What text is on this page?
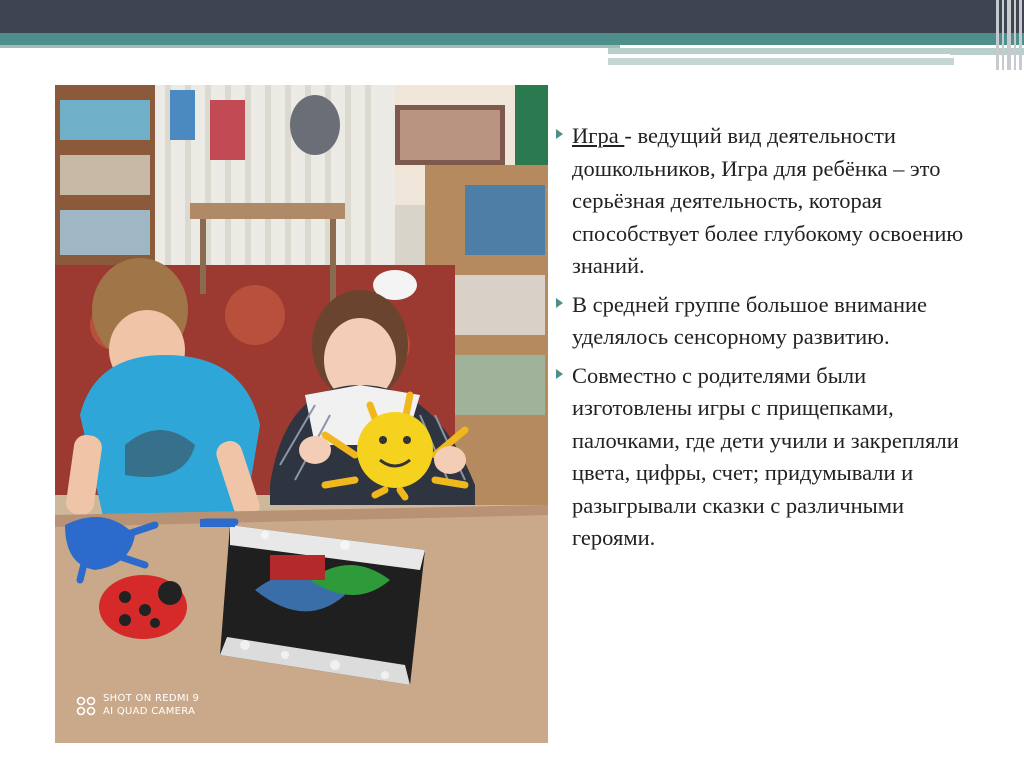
SHOT ON REDMI 9
AI QUAD CAMERA

Игра - ведущий вид деятельности дошкольников, Игра для ребёнка – это серьёзная деятельность, которая способствует более глубокому освоению знаний.

В средней группе большое внимание уделялось сенсорному развитию.

Совместно с родителями были изготовлены игры с прищепками, палочками, где дети учили и закрепляли цвета, цифры, счет; придумывали и разыгрывали сказки с различными героями.
